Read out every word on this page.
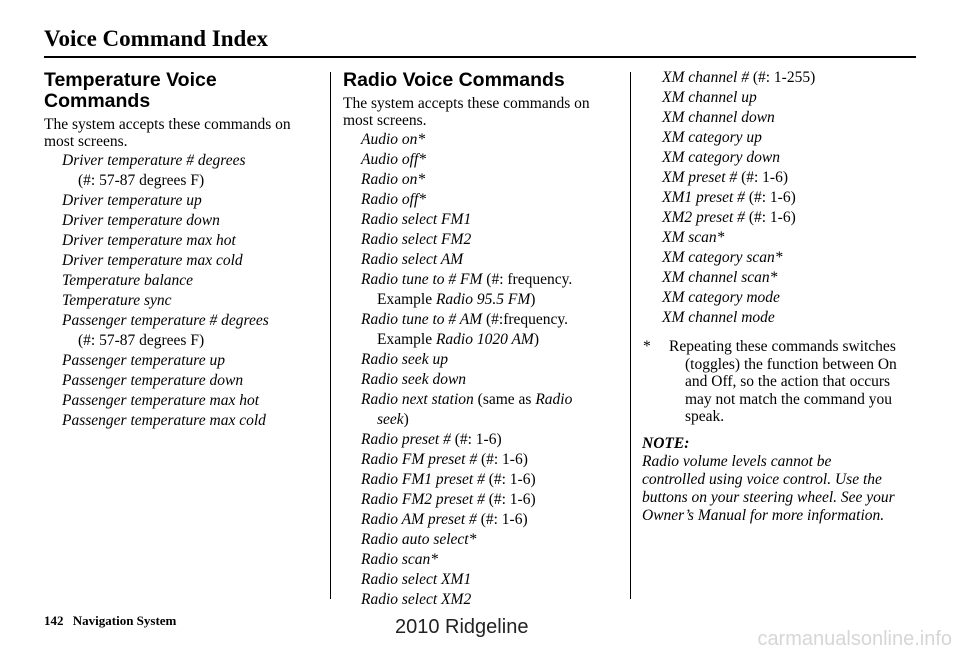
Voice Command Index
Temperature Voice Commands
The system accepts these commands on most screens.
Driver temperature # degrees
(#: 57-87 degrees F)
Driver temperature up
Driver temperature down
Driver temperature max hot
Driver temperature max cold
Temperature balance
Temperature sync
Passenger temperature # degrees
(#: 57-87 degrees F)
Passenger temperature up
Passenger temperature down
Passenger temperature max hot
Passenger temperature max cold
Radio Voice Commands
The system accepts these commands on most screens.
Audio on*
Audio off*
Radio on*
Radio off*
Radio select FM1
Radio select FM2
Radio select AM
Radio tune to # FM (#: frequency.
Example Radio 95.5 FM)
Radio tune to # AM (#:frequency.
Example Radio 1020 AM)
Radio seek up
Radio seek down
Radio next station (same as Radio
seek)
Radio preset # (#: 1-6)
Radio FM preset # (#: 1-6)
Radio FM1 preset # (#: 1-6)
Radio FM2 preset # (#: 1-6)
Radio AM preset # (#: 1-6)
Radio auto select*
Radio scan*
Radio select XM1
Radio select XM2
XM channel # (#: 1-255)
XM channel up
XM channel down
XM category up
XM category down
XM preset # (#: 1-6)
XM1 preset # (#: 1-6)
XM2 preset # (#: 1-6)
XM scan*
XM category scan*
XM channel scan*
XM category mode
XM channel mode
* Repeating these commands switches
(toggles) the function between On
and Off, so the action that occurs
may not match the command you
speak.
NOTE:
Radio volume levels cannot be
controlled using voice control. Use the
buttons on your steering wheel. See your
Owner’s Manual for more information.
142 Navigation System	2010 Ridgeline
carmanualsonline.info
